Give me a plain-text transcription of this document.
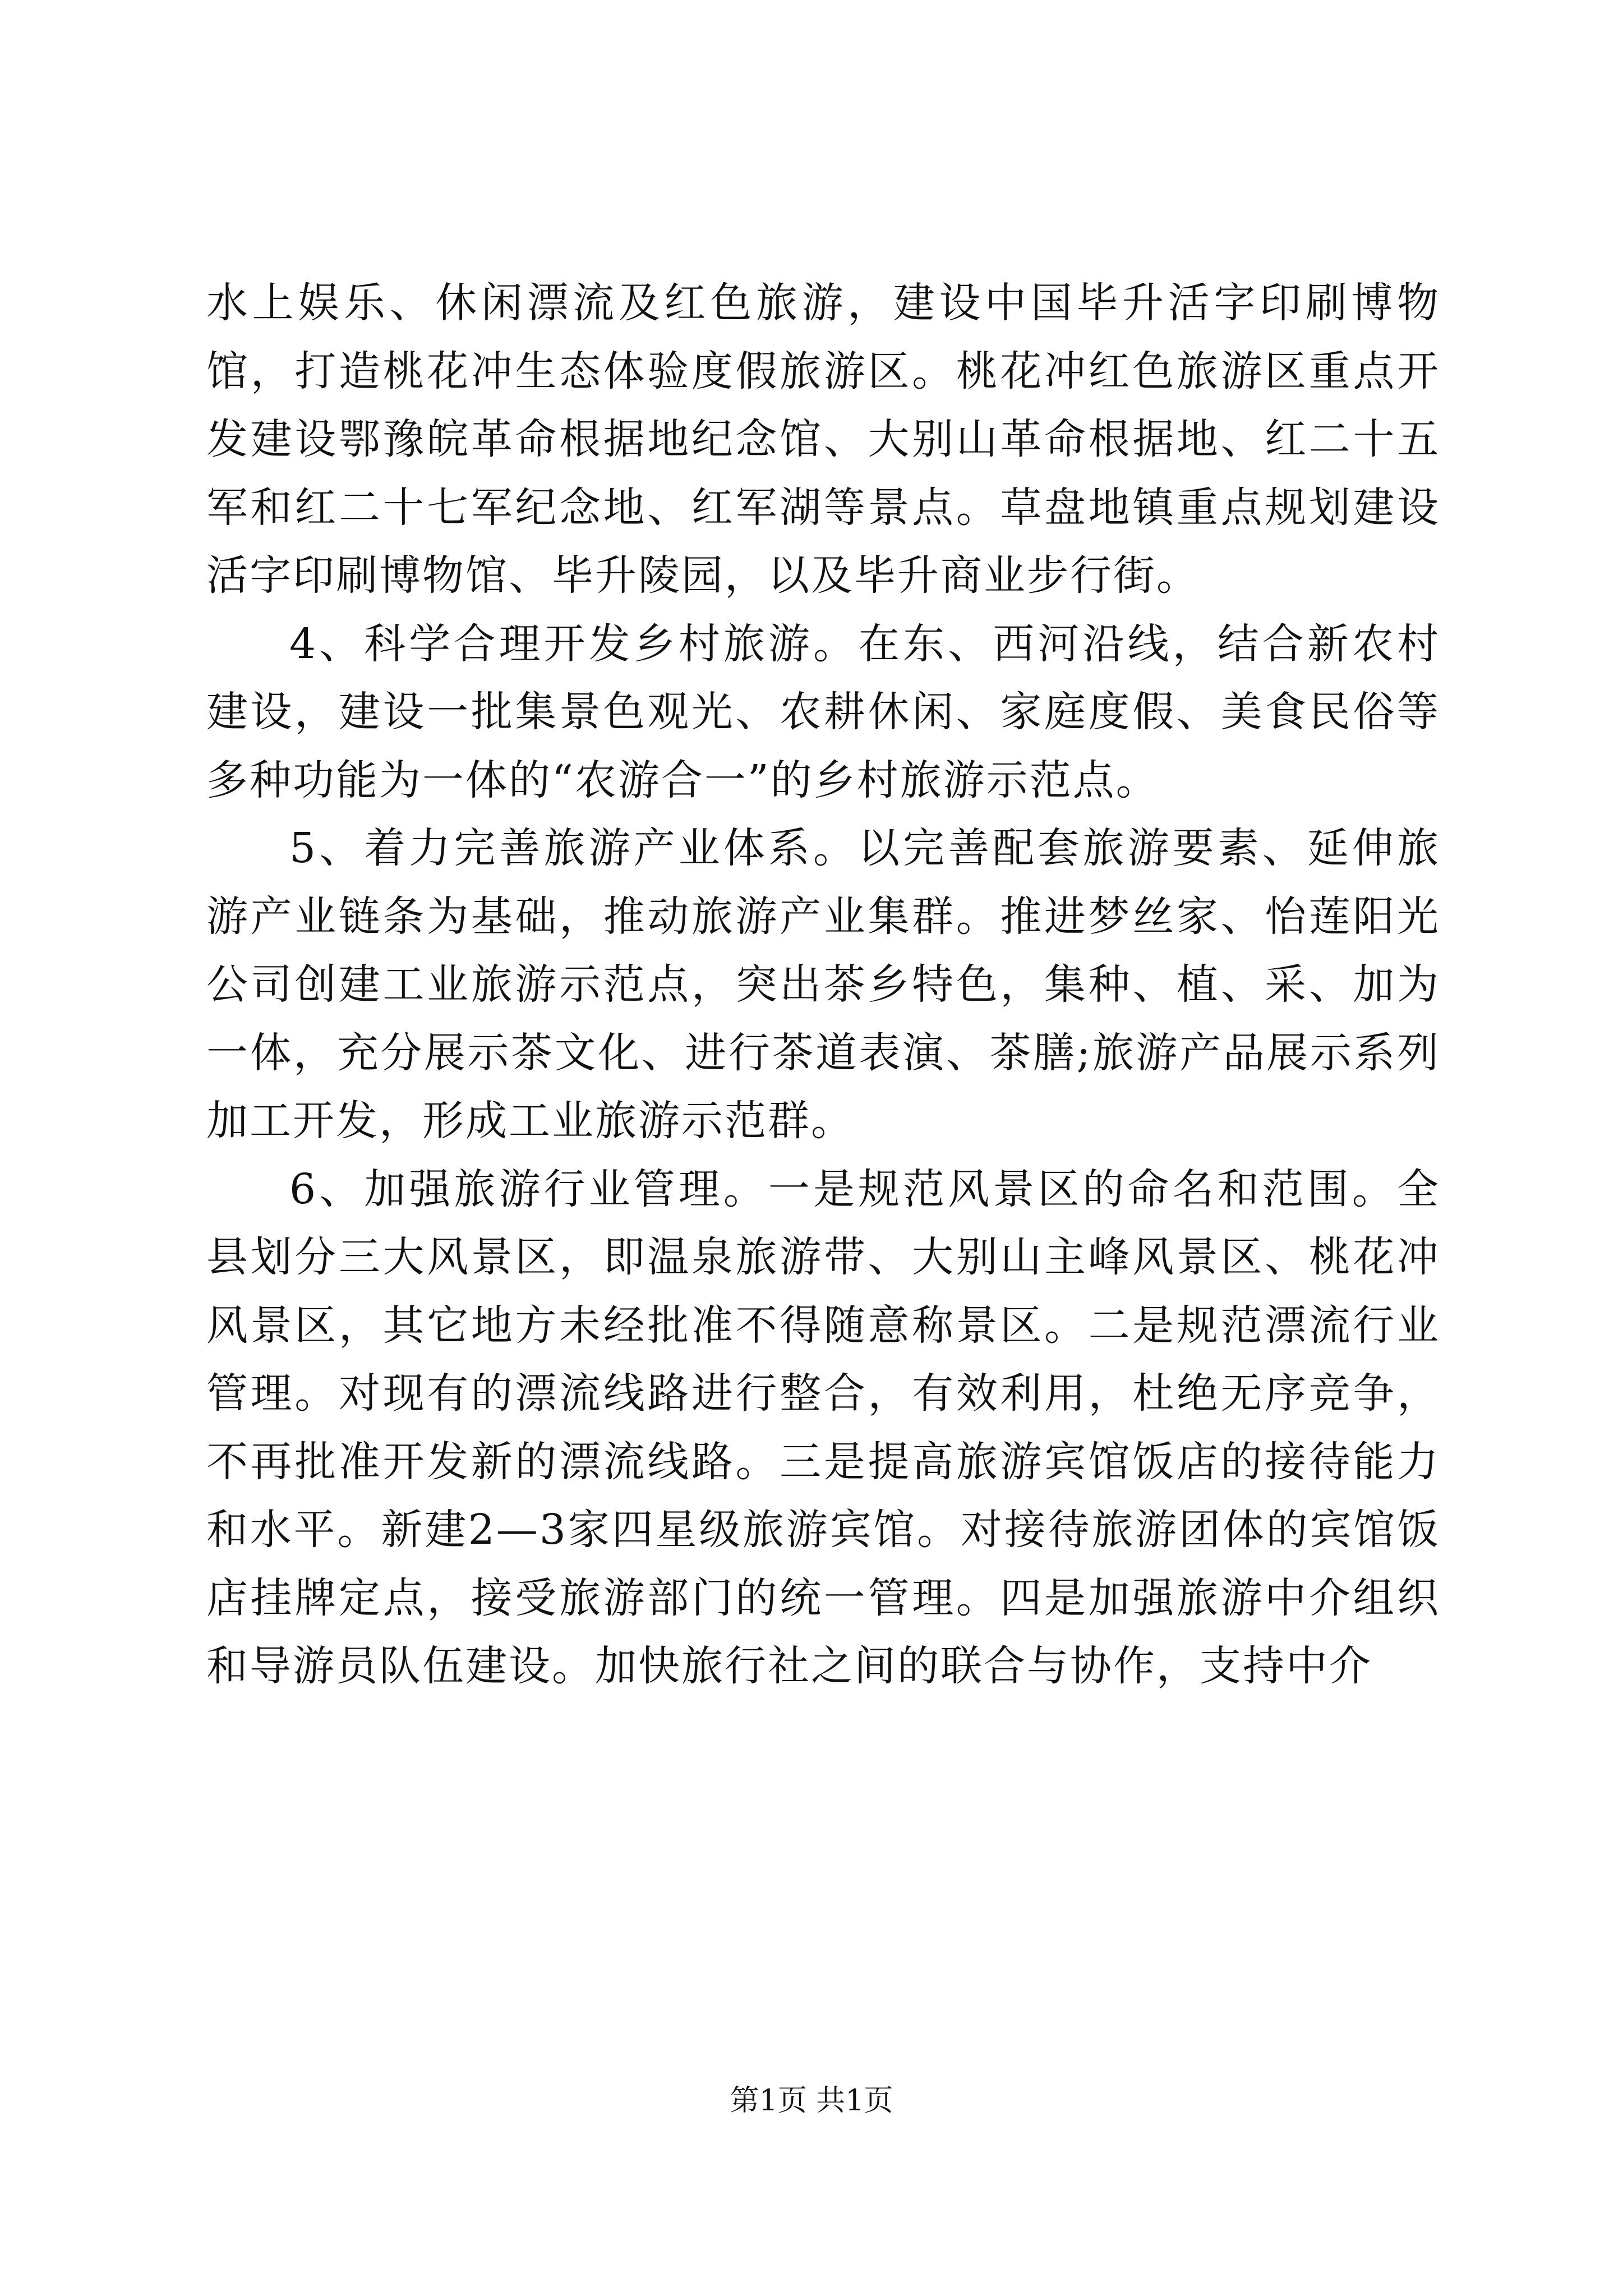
水上娱乐、休闲漂流及红色旅游，建设中国毕升活字印刷博物馆，打造桃花冲生态体验度假旅游区。桃花冲红色旅游区重点开发建设鄂豫皖革命根据地纪念馆、大别山革命根据地、红二十五军和红二十七军纪念地、红军湖等景点。草盘地镇重点规划建设活字印刷博物馆、毕升陵园，以及毕升商业步行街。

4、科学合理开发乡村旅游。在东、西河沿线，结合新农村建设，建设一批集景色观光、农耕休闲、家庭度假、美食民俗等多种功能为一体的“农游合一”的乡村旅游示范点。

5、着力完善旅游产业体系。以完善配套旅游要素、延伸旅游产业链条为基础，推动旅游产业集群。推进梦丝家、怡莲阳光公司创建工业旅游示范点，突出茶乡特色，集种、植、采、加为一体，充分展示茶文化、进行茶道表演、茶膳;旅游产品展示系列加工开发，形成工业旅游示范群。

6、加强旅游行业管理。一是规范风景区的命名和范围。全县划分三大风景区，即温泉旅游带、大别山主峰风景区、桃花冲风景区，其它地方未经批准不得随意称景区。二是规范漂流行业管理。对现有的漂流线路进行整合，有效利用，杜绝无序竞争，不再批准开发新的漂流线路。三是提高旅游宾馆饭店的接待能力和水平。新建2—3家四星级旅游宾馆。对接待旅游团体的宾馆饭店挂牌定点，接受旅游部门的统一管理。四是加强旅游中介组织和导游员队伍建设。加快旅行社之间的联合与协作，支持中介

第1页 共1页
